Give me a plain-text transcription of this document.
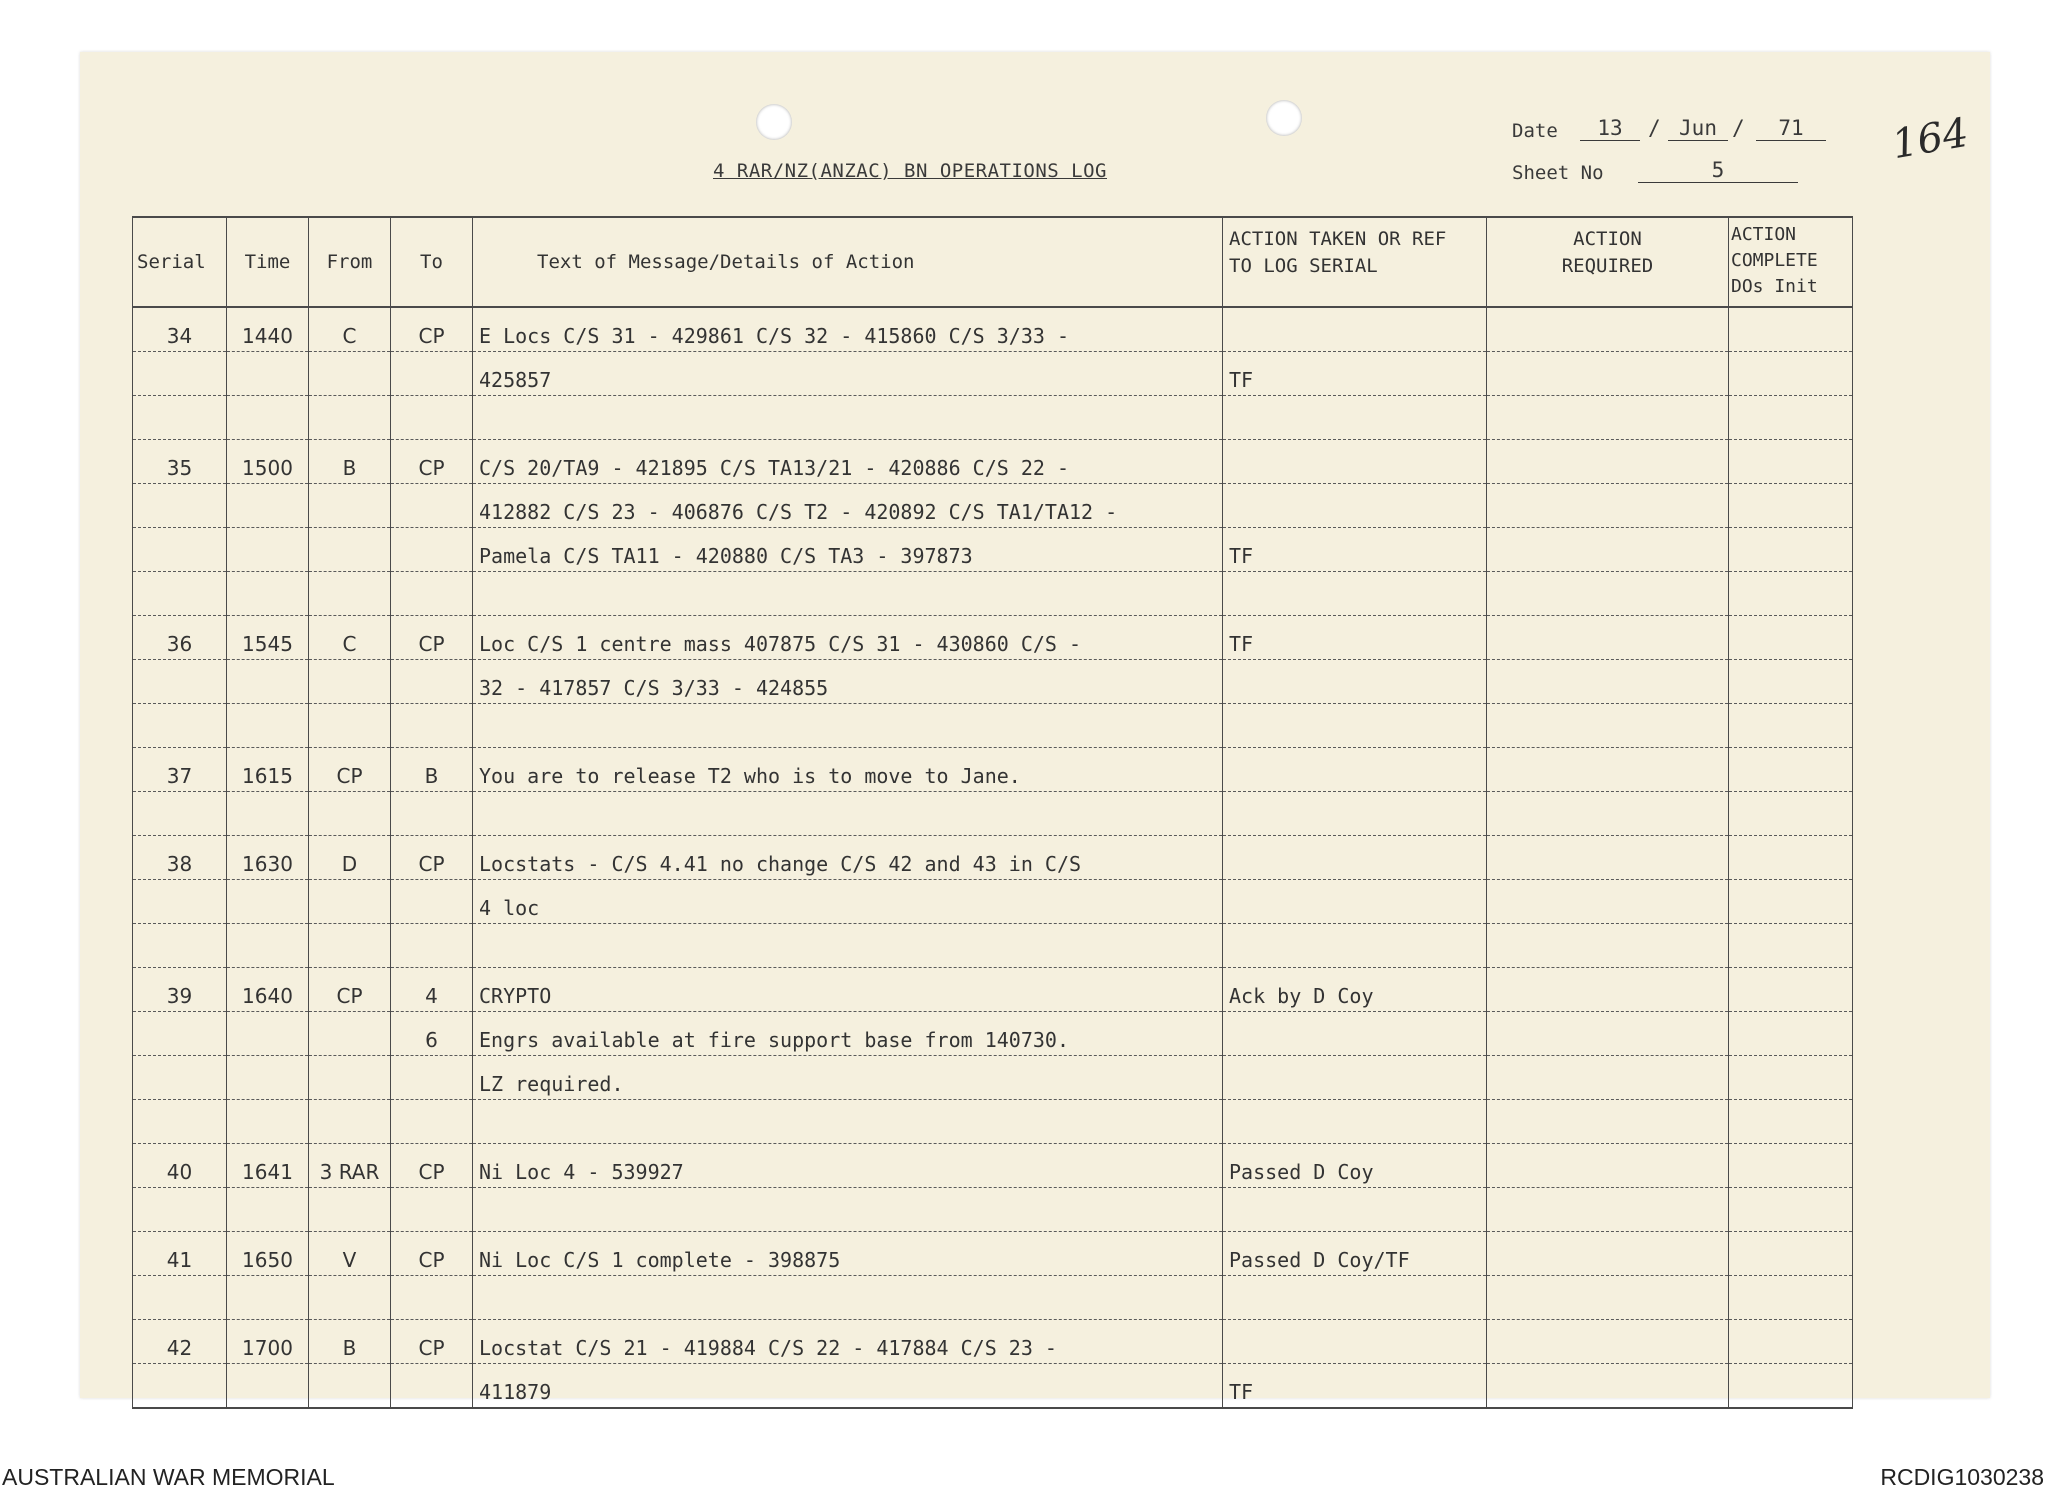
164
4 RAR/NZ(ANZAC) BN OPERATIONS LOG
Date	13	/ Jun /	71
Sheet No	5
Serial	Time	From	To	Text of Message/Details of Action	ACTION TAKEN OR REF TO LOG SERIAL	ACTION REQUIRED	ACTION COMPLETE DOs Init
34	1440	C	CP	E Locs C/S 31 - 429861 C/S 32 - 415860 C/S 3/33 -			
				425857	TF		

35	1500	B	CP	C/S 20/TA9 - 421895 C/S TA13/21 - 420886 C/S 22 -			
				412882 C/S 23 - 406876 C/S T2 - 420892 C/S TA1/TA12 -			
				Pamela C/S TA11 - 420880 C/S TA3 - 397873	TF		

36	1545	C	CP	Loc C/S 1 centre mass 407875 C/S 31 - 430860 C/S -	TF		
				32 - 417857 C/S 3/33 - 424855			

37	1615	CP	B	You are to release T2 who is to move to Jane.			

38	1630	D	CP	Locstats - C/S 4.41 no change C/S 42 and 43 in C/S			
				4 loc			

39	1640	CP	4	CRYPTO	Ack by D Coy		
			6	Engrs available at fire support base from 140730.			
				LZ required.			

40	1641	3 RAR	CP	Ni Loc 4 - 539927	Passed D Coy		

41	1650	V	CP	Ni Loc C/S 1 complete - 398875	Passed D Coy/TF		

42	1700	B	CP	Locstat C/S 21 - 419884 C/S 22 - 417884 C/S 23 -			
				411879	TF		
AUSTRALIAN WAR MEMORIAL	RCDIG1030238
